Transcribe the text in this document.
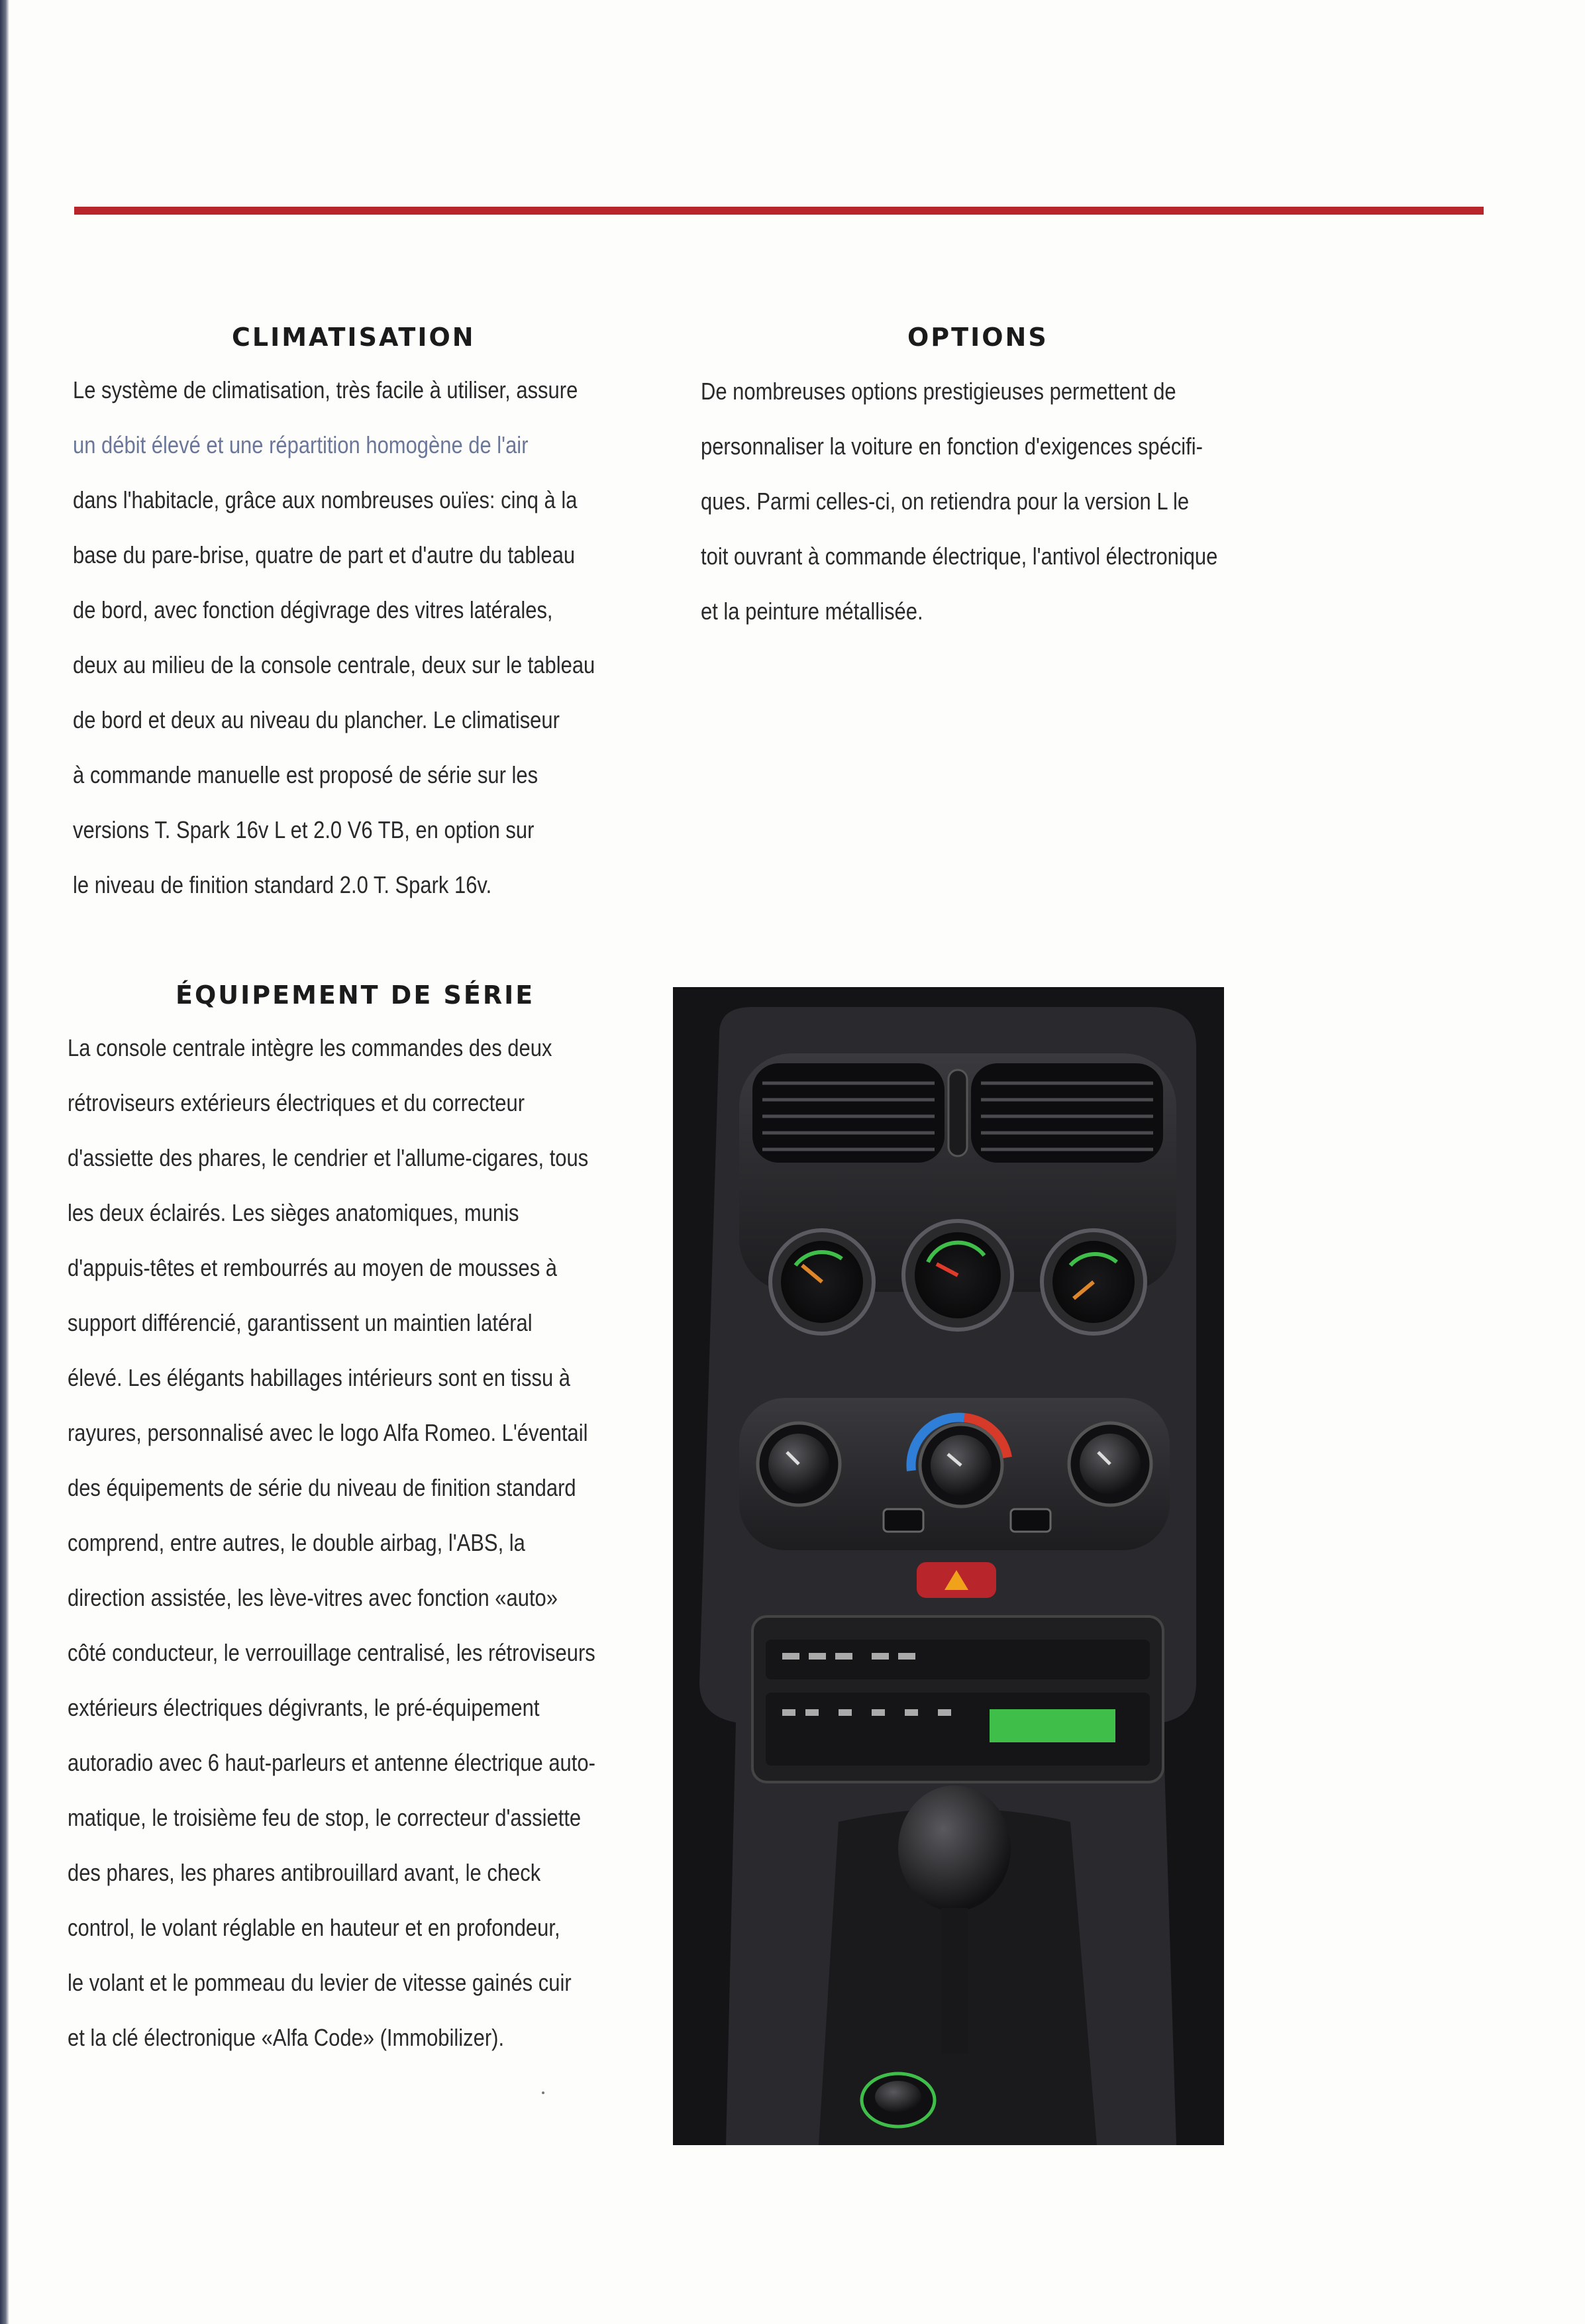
CLIMATISATION
Le système de climatisation, très facile à utiliser, assure
un débit élevé et une répartition homogène de l'air
dans l'habitacle, grâce aux nombreuses ouïes: cinq à la
base du pare-brise, quatre de part et d'autre du tableau
de bord, avec fonction dégivrage des vitres latérales,
deux au milieu de la console centrale, deux sur le tableau
de bord et deux au niveau du plancher. Le climatiseur
à commande manuelle est proposé de série sur les
versions T. Spark 16v L et 2.0 V6 TB, en option sur
le niveau de finition standard 2.0 T. Spark 16v.
OPTIONS
De nombreuses options prestigieuses permettent de
personnaliser la voiture en fonction d'exigences spécifi-
ques. Parmi celles-ci, on retiendra pour la version L le
toit ouvrant à commande électrique, l'antivol électronique
et la peinture métallisée.
ÉQUIPEMENT DE SÉRIE
La console centrale intègre les commandes des deux
rétroviseurs extérieurs électriques et du correcteur
d'assiette des phares, le cendrier et l'allume-cigares, tous
les deux éclairés. Les sièges anatomiques, munis
d'appuis-têtes et rembourrés au moyen de mousses à
support différencié, garantissent un maintien latéral
élevé. Les élégants habillages intérieurs sont en tissu à
rayures, personnalisé avec le logo Alfa Romeo. L'éventail
des équipements de série du niveau de finition standard
comprend, entre autres, le double airbag, l'ABS, la
direction assistée, les lève-vitres avec fonction «auto»
côté conducteur, le verrouillage centralisé, les rétroviseurs
extérieurs électriques dégivrants, le pré-équipement
autoradio avec 6 haut-parleurs et antenne électrique auto-
matique, le troisième feu de stop, le correcteur d'assiette
des phares, les phares antibrouillard avant, le check
control, le volant réglable en hauteur et en profondeur,
le volant et le pommeau du levier de vitesse gainés cuir
et la clé électronique «Alfa Code» (Immobilizer).
